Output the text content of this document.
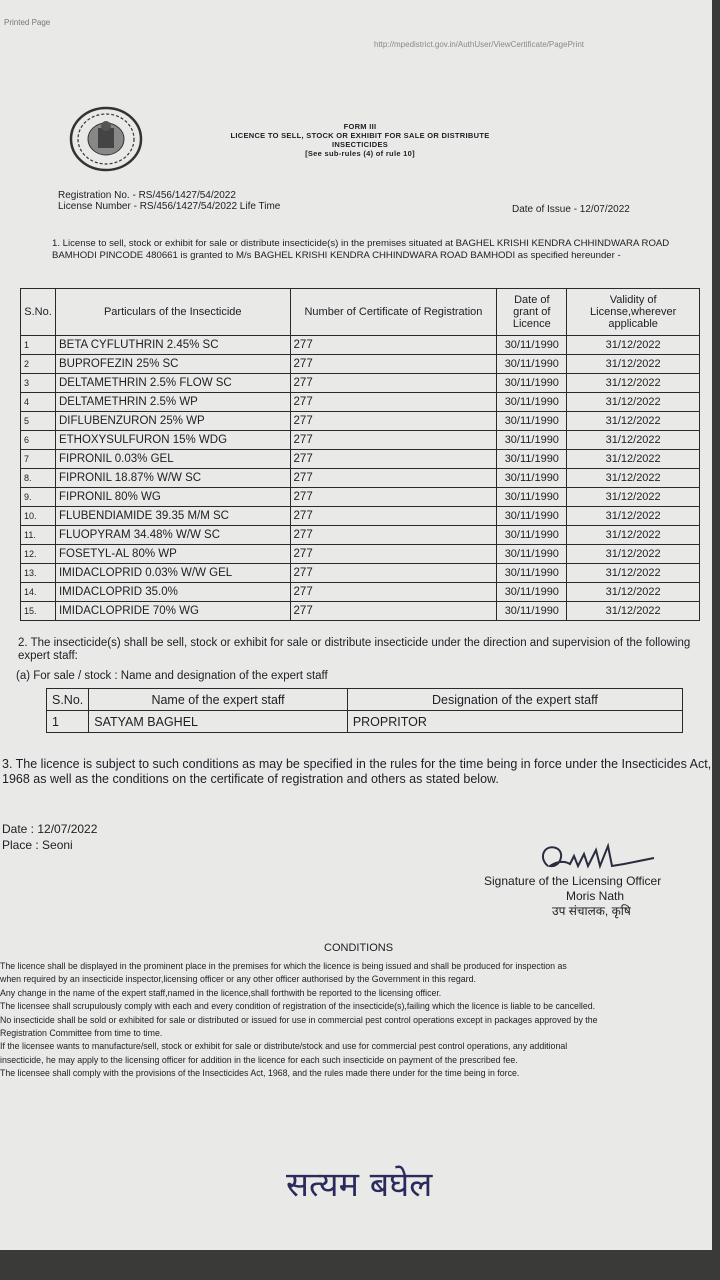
Printed Page
http://mpedistrict.gov.in/AuthUser/ViewCertificate/PagePrint
FORM III
LICENCE TO SELL, STOCK OR EXHIBIT FOR SALE OR DISTRIBUTE
INSECTICIDES
[See sub-rules (4) of rule 10]
Registration No. - RS/456/1427/54/2022
License Number - RS/456/1427/54/2022 Life Time	Date of Issue - 12/07/2022
1. License to sell, stock or exhibit for sale or distribute insecticide(s) in the premises situated at BAGHEL KRISHI KENDRA CHHINDWARA ROAD BAMHODI PINCODE 480661 is granted to M/s BAGHEL KRISHI KENDRA CHHINDWARA ROAD BAMHODI as specified hereunder -
S.No.	Particulars of the Insecticide	Number of Certificate of Registration	Date of grant of Licence	Validity of License,wherever applicable
1	BETA CYFLUTHRIN 2.45% SC	277	30/11/1990	31/12/2022
2	BUPROFEZIN 25% SC	277	30/11/1990	31/12/2022
3	DELTAMETHRIN 2.5% FLOW SC	277	30/11/1990	31/12/2022
4	DELTAMETHRIN 2.5% WP	277	30/11/1990	31/12/2022
5	DIFLUBENZURON 25% WP	277	30/11/1990	31/12/2022
6	ETHOXYSULFURON 15% WDG	277	30/11/1990	31/12/2022
7	FIPRONIL 0.03% GEL	277	30/11/1990	31/12/2022
8.	FIPRONIL 18.87% W/W SC	277	30/11/1990	31/12/2022
9.	FIPRONIL 80% WG	277	30/11/1990	31/12/2022
10.	FLUBENDIAMIDE 39.35 M/M SC	277	30/11/1990	31/12/2022
11.	FLUOPYRAM 34.48% W/W SC	277	30/11/1990	31/12/2022
12.	FOSETYL-AL 80% WP	277	30/11/1990	31/12/2022
13.	IMIDACLOPRID 0.03% W/W GEL	277	30/11/1990	31/12/2022
14.	IMIDACLOPRID 35.0%	277	30/11/1990	31/12/2022
15.	IMIDACLOPRIDE 70% WG	277	30/11/1990	31/12/2022
2. The insecticide(s) shall be sell, stock or exhibit for sale or distribute insecticide under the direction and supervision of the following expert staff:
(a) For sale / stock : Name and designation of the expert staff
S.No.	Name of the expert staff	Designation of the expert staff
1	SATYAM BAGHEL	PROPRITOR
3. The licence is subject to such conditions as may be specified in the rules for the time being in force under the Insecticides Act, 1968 as well as the conditions on the certificate of registration and others as stated below.
Date : 12/07/2022
Place : Seoni
Signature of the Licensing Officer
Moris Nath
उप संचालक, कृषि
CONDITIONS
The licence shall be displayed in the prominent place in the premises for which the licence is being issued and shall be produced for inspection as
when required by an insecticide inspector,licensing officer or any other officer authorised by the Government in this regard.
Any change in the name of the expert staff,named in the licence,shall forthwith be reported to the licensing officer.
The licensee shall scrupulously comply with each and every condition of registration of the insecticide(s),failing which the licence is liable to be cancelled.
No insecticide shall be sold or exhibited for sale or distributed or issued for use in commercial pest control operations except in packages approved by the
Registration Committee from time to time.
If the licensee wants to manufacture/sell, stock or exhibit for sale or distribute/stock and use for commercial pest control operations, any additional
insecticide, he may apply to the licensing officer for addition in the licence for each such insecticide on payment of the prescribed fee.
The licensee shall comply with the provisions of the Insecticides Act, 1968, and the rules made there under for the time being in force.
सत्यम बघेल
